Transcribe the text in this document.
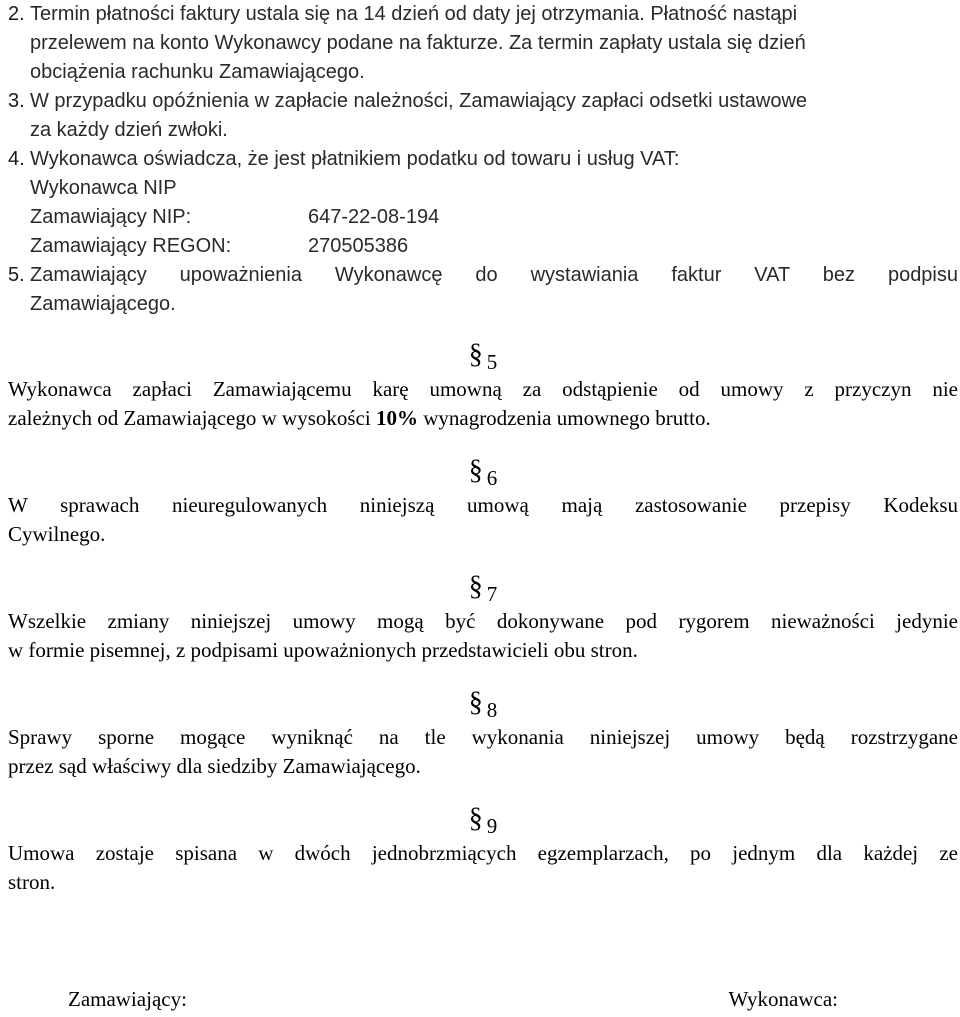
2. Termin płatności faktury ustala się na 14 dzień od daty jej otrzymania. Płatność nastąpi
przelewem na konto Wykonawcy podane na fakturze. Za termin zapłaty ustala się dzień
obciążenia rachunku Zamawiającego.
3. W przypadku opóźnienia w zapłacie należności, Zamawiający zapłaci odsetki ustawowe
za każdy dzień zwłoki.
4. Wykonawca oświadcza, że jest płatnikiem podatku od towaru i usług VAT:
Wykonawca NIP
Zamawiający NIP:	647-22-08-194
Zamawiający REGON:	270505386
5. Zamawiający upoważnienia Wykonawcę do wystawiania faktur VAT bez podpisu
Zamawiającego.
§ 5
Wykonawca zapłaci Zamawiającemu karę umowną za odstąpienie od umowy z przyczyn nie
zależnych od Zamawiającego w wysokości 10% wynagrodzenia umownego brutto.
§ 6
W sprawach nieuregulowanych niniejszą umową mają zastosowanie przepisy Kodeksu
Cywilnego.
§ 7
Wszelkie zmiany niniejszej umowy mogą być dokonywane pod rygorem nieważności jedynie
w formie pisemnej, z podpisami upoważnionych przedstawicieli obu stron.
§ 8
Sprawy sporne mogące wyniknąć na tle wykonania niniejszej umowy będą rozstrzygane
przez sąd właściwy dla siedziby Zamawiającego.
§ 9
Umowa zostaje spisana w dwóch jednobrzmiących egzemplarzach, po jednym dla każdej ze
stron.
Zamawiający:	Wykonawca:
